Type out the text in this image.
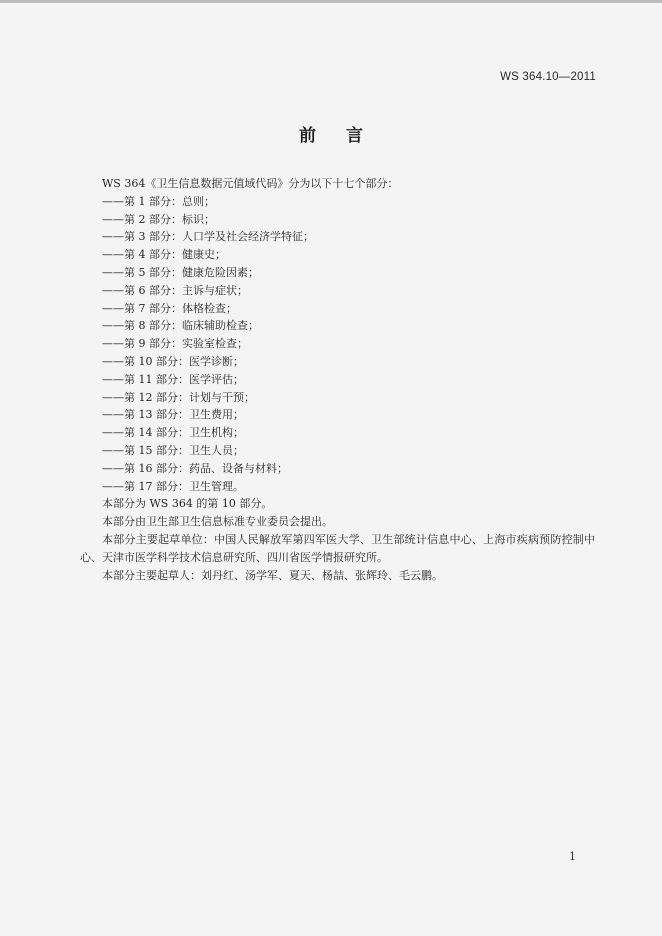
WS 364.10—2011
前言

WS 364《卫生信息数据元值域代码》分为以下十七个部分：

——第 1 部分：总则；

——第 2 部分：标识；

——第 3 部分：人口学及社会经济学特征；

——第 4 部分：健康史；

——第 5 部分：健康危险因素；

——第 6 部分：主诉与症状；

——第 7 部分：体格检查；

——第 8 部分：临床辅助检查；

——第 9 部分：实验室检查；

——第 10 部分：医学诊断；

——第 11 部分：医学评估；

——第 12 部分：计划与干预；

——第 13 部分：卫生费用；

——第 14 部分：卫生机构；

——第 15 部分：卫生人员；

——第 16 部分：药品、设备与材料；

——第 17 部分：卫生管理。

本部分为 WS 364 的第 10 部分。

本部分由卫生部卫生信息标准专业委员会提出。

本部分主要起草单位：中国人民解放军第四军医大学、卫生部统计信息中心、上海市疾病预防控制中心、天津市医学科学技术信息研究所、四川省医学情报研究所。

本部分主要起草人：刘丹红、汤学军、夏天、杨喆、张辉玲、毛云鹏。

1
